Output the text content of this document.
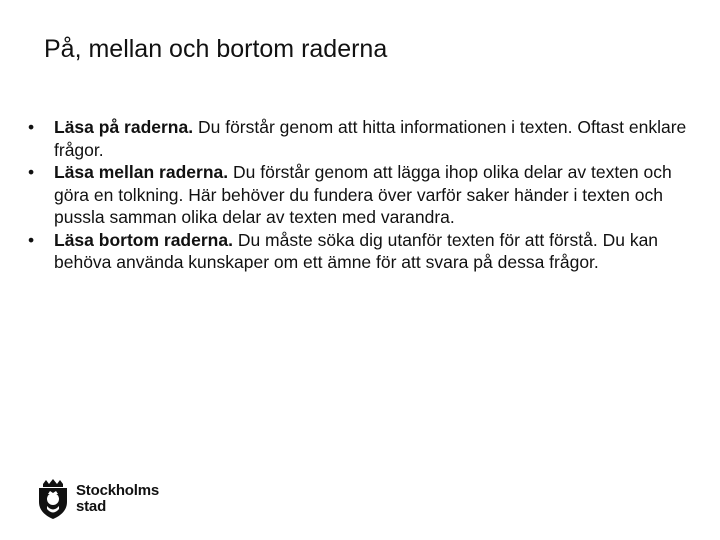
På, mellan och bortom raderna
• Läsa på raderna. Du förstår genom att hitta informationen i texten. Oftast enklare frågor.
• Läsa mellan raderna. Du förstår genom att lägga ihop olika delar av texten och göra en tolkning. Här behöver du fundera över varför saker händer i texten och pussla samman olika delar av texten med varandra.
• Läsa bortom raderna. Du måste söka dig utanför texten för att förstå. Du kan behöva använda kunskaper om ett ämne för att svara på dessa frågor.
Stockholms
stad
